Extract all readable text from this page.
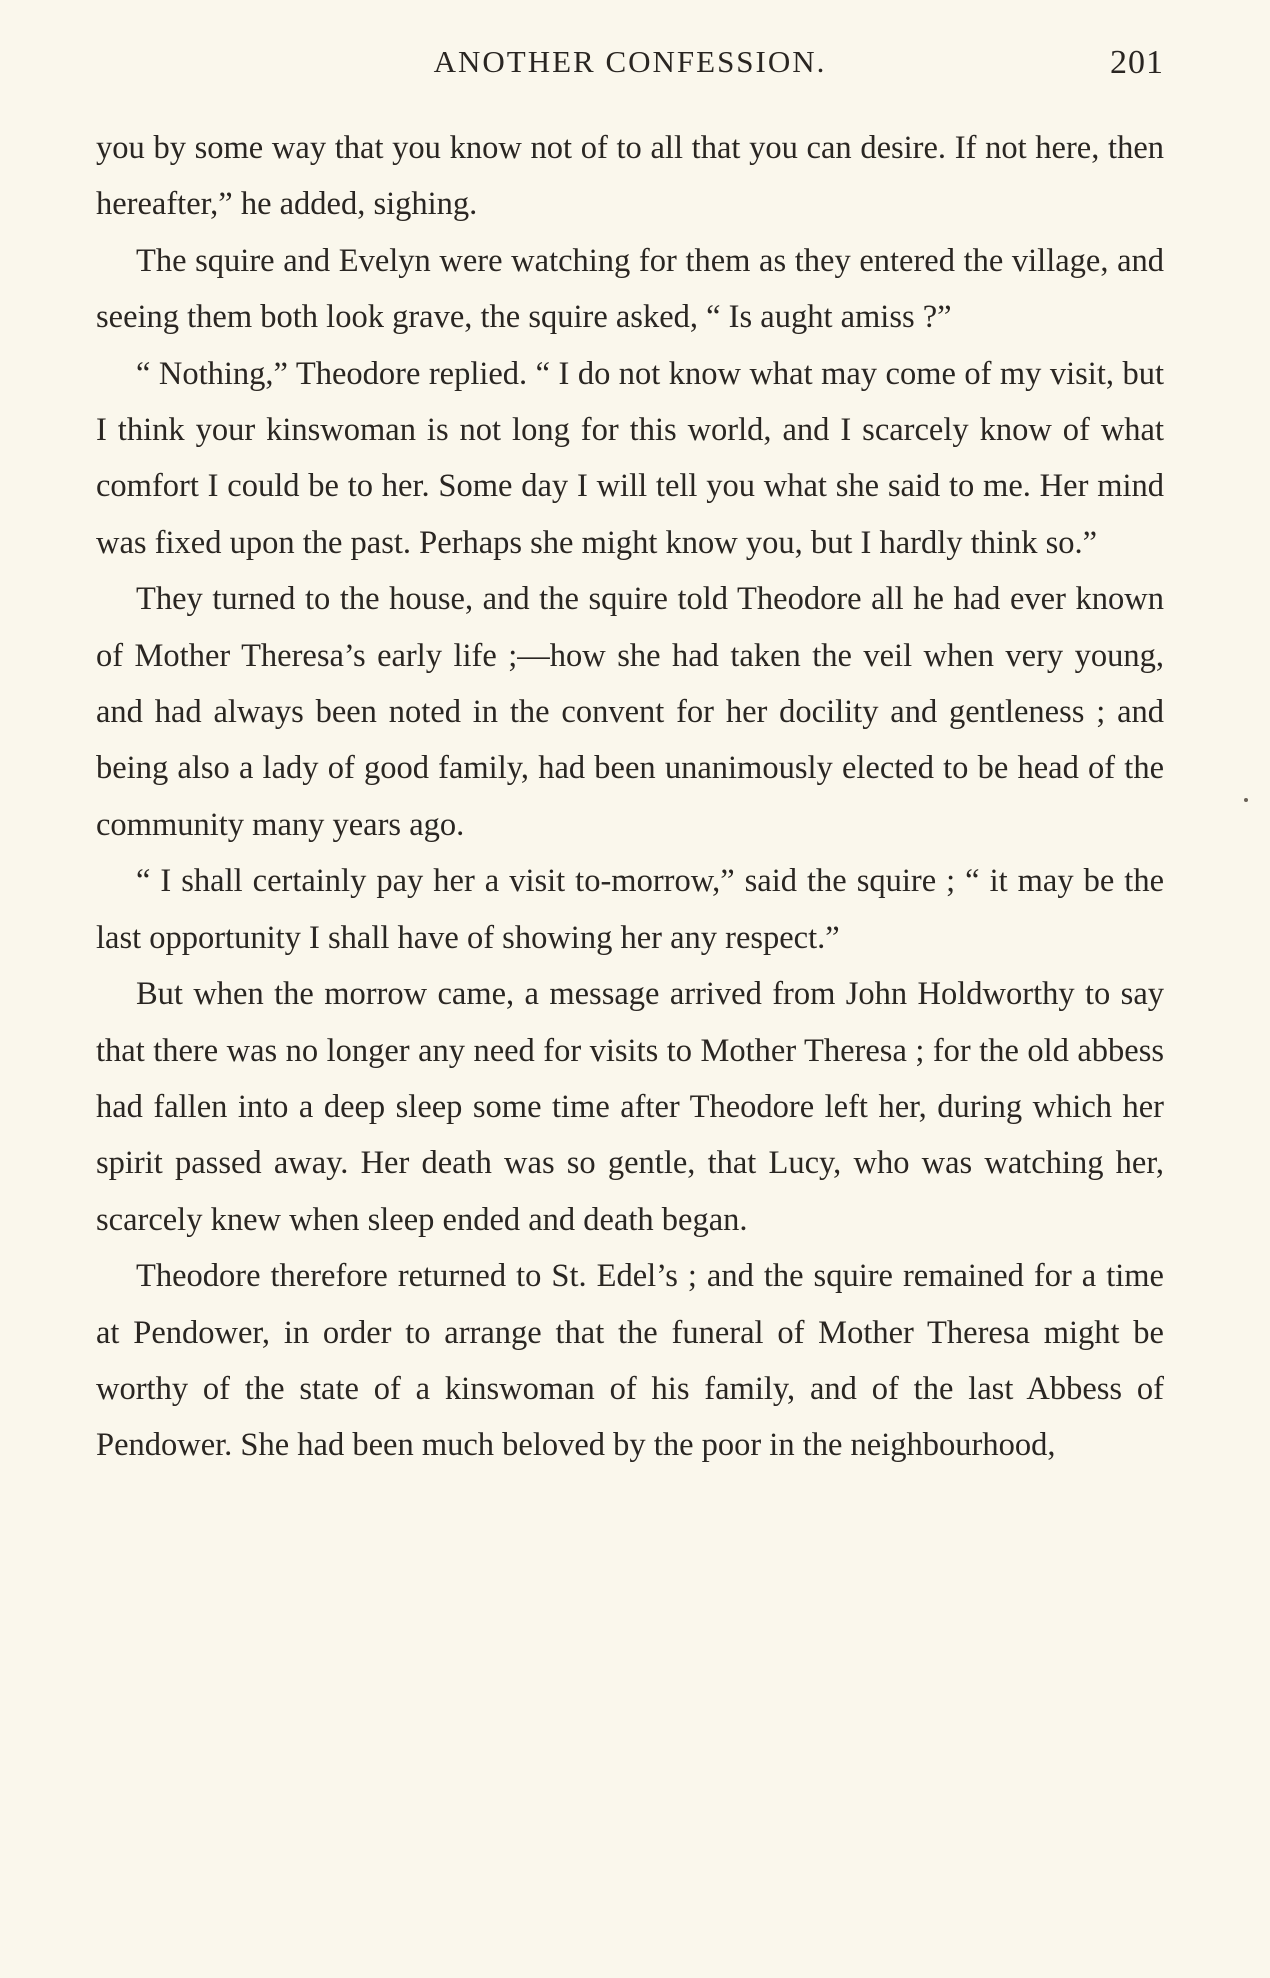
ANOTHER CONFESSION.	201

you by some way that you know not of to all that you can desire. If not here, then hereafter,” he added, sighing.

The squire and Evelyn were watching for them as they entered the village, and seeing them both look grave, the squire asked, “ Is aught amiss ?”

“ Nothing,” Theodore replied. “ I do not know what may come of my visit, but I think your kinswoman is not long for this world, and I scarcely know of what comfort I could be to her. Some day I will tell you what she said to me. Her mind was fixed upon the past. Perhaps she might know you, but I hardly think so.”

They turned to the house, and the squire told Theodore all he had ever known of Mother Theresa’s early life ;—how she had taken the veil when very young, and had always been noted in the convent for her docility and gentleness ; and being also a lady of good family, had been unanimously elected to be head of the community many years ago.

“ I shall certainly pay her a visit to-morrow,” said the squire ; “ it may be the last opportunity I shall have of showing her any respect.”

But when the morrow came, a message arrived from John Holdworthy to say that there was no longer any need for visits to Mother Theresa ; for the old abbess had fallen into a deep sleep some time after Theodore left her, during which her spirit passed away. Her death was so gentle, that Lucy, who was watching her, scarcely knew when sleep ended and death began.

Theodore therefore returned to St. Edel’s ; and the squire remained for a time at Pendower, in order to arrange that the funeral of Mother Theresa might be worthy of the state of a kinswoman of his family, and of the last Abbess of Pendower. She had been much beloved by the poor in the neighbourhood,
